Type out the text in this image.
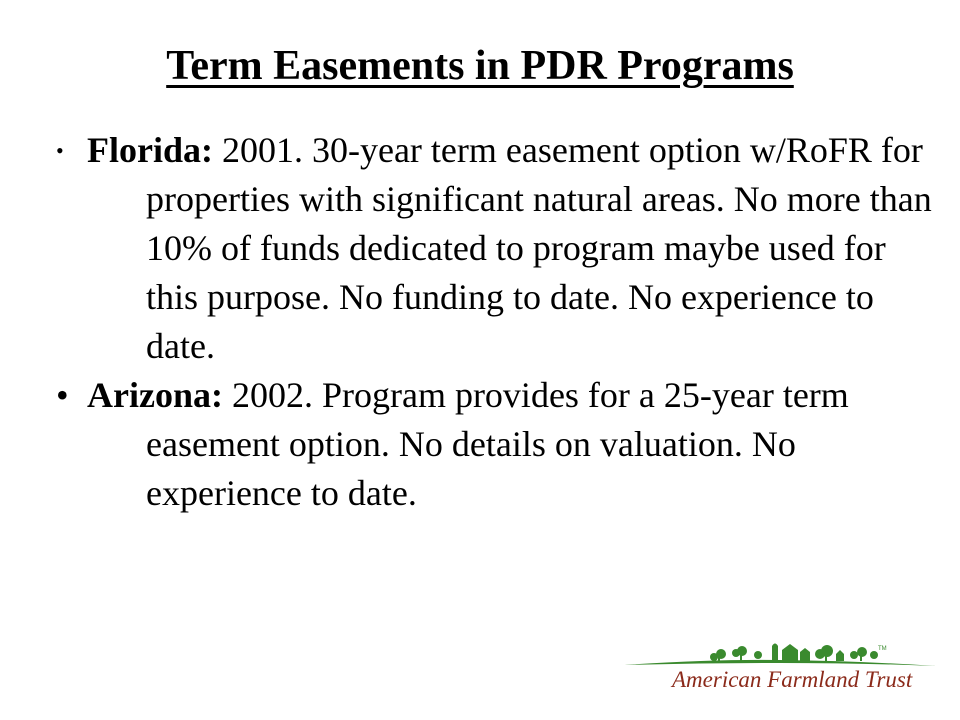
Term Easements in PDR Programs
• Florida: 2001. 30-year term easement option w/RoFR for properties with significant natural areas. No more than 10% of funds dedicated to program maybe used for this purpose. No funding to date. No experience to date.
• Arizona: 2002. Program provides for a 25-year term easement option. No details on valuation. No experience to date.
TM
American Farmland Trust
